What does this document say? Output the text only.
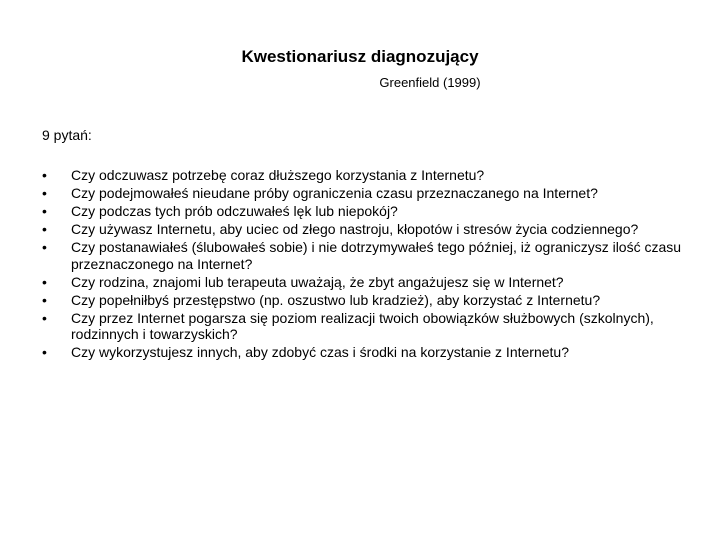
Kwestionariusz diagnozujący
Greenfield (1999)
9 pytań:
•	Czy odczuwasz potrzebę coraz dłuższego korzystania z Internetu?
•	Czy podejmowałeś nieudane próby ograniczenia czasu przeznaczanego na Internet?
•	Czy podczas tych prób odczuwałeś lęk lub niepokój?
•	Czy używasz Internetu, aby uciec od złego nastroju, kłopotów i stresów życia codziennego?
•	Czy postanawiałeś (ślubowałeś sobie) i nie dotrzymywałeś tego później, iż ograniczysz ilość czasu przeznaczonego na Internet?
•	Czy rodzina, znajomi lub terapeuta uważają, że zbyt angażujesz się w Internet?
•	Czy popełniłbyś przestępstwo (np. oszustwo lub kradzież), aby korzystać z Internetu?
•	Czy przez Internet pogarsza się poziom realizacji twoich obowiązków służbowych (szkolnych), rodzinnych i towarzyskich?
•	Czy wykorzystujesz innych, aby zdobyć czas i środki na korzystanie z Internetu?
